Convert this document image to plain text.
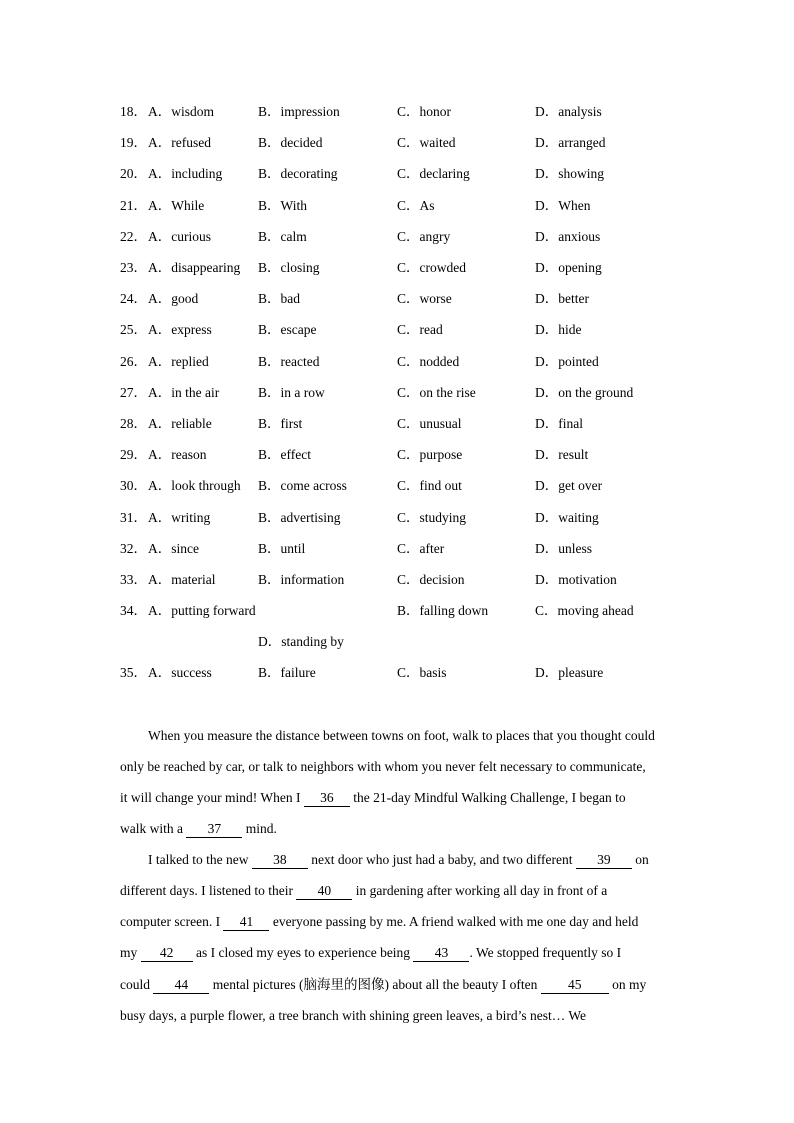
18． A．wisdom	B．impression	C．honor	D．analysis
19． A．refused	B．decided	C．waited	D．arranged
20． A．including	B．decorating	C．declaring	D．showing
21． A．While	B．With	C．As	D．When
22． A．curious	B．calm	C．angry	D．anxious
23． A．disappearing B．closing	C．crowded	D．opening
24． A．good	B．bad	C．worse	D．better
25． A．express	B．escape	C．read	D．hide
26． A．replied	B．reacted	C．nodded	D．pointed
27． A．in the air	B．in a row	C．on the rise	D．on the ground
28． A．reliable	B．first	C．unusual	D．final
29． A．reason	B．effect	C．purpose	D．result
30． A．look through B．come across	C．find out	D．get over
31． A．writing	B．advertising	C．studying	D．waiting
32． A．since	B．until	C．after	D．unless
33． A．material	B．information	C．decision	D．motivation
34． A．putting forward	B．falling down	C．moving ahead
D．standing by
35． A．success	B．failure	C．basis	D．pleasure
When you measure the distance between towns on foot, walk to places that you thought could
only be reached by car, or talk to neighbors with whom you never felt necessary to communicate,
it will change your mind! When I 36 the 21-day Mindful Walking Challenge, I began to
walk with a 37 mind.
I talked to the new 38 next door who just had a baby, and two different 39 on
different days. I listened to their 40 in gardening after working all day in front of a
computer screen. I 41 everyone passing by me. A friend walked with me one day and held
my 42 as I closed my eyes to experience being 43 . We stopped frequently so I
could 44 mental pictures (脑海里的图像) about all the beauty I often 45 on my
busy days, a purple flower, a tree branch with shining green leaves, a bird’s nest… We
